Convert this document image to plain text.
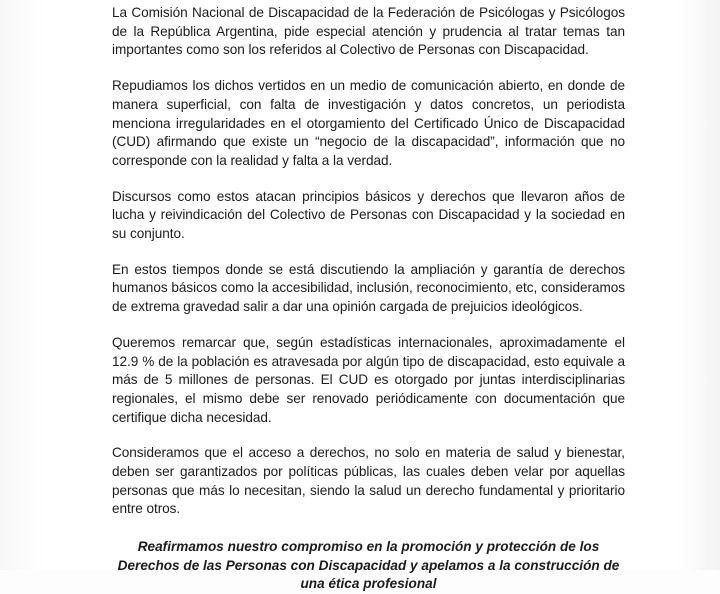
La Comisión Nacional de Discapacidad de la Federación de Psicólogas y Psicólogos de la República Argentina, pide especial atención y prudencia al tratar temas tan importantes como son los referidos al Colectivo de Personas con Discapacidad.

Repudiamos los dichos vertidos en un medio de comunicación abierto, en donde de manera superficial, con falta de investigación y datos concretos, un periodista menciona irregularidades en el otorgamiento del Certificado Único de Discapacidad (CUD) afirmando que existe un “negocio de la discapacidad”, información que no corresponde con la realidad y falta a la verdad.

Discursos como estos atacan principios básicos y derechos que llevaron años de lucha y reivindicación del Colectivo de Personas con Discapacidad y la sociedad en su conjunto.

En estos tiempos donde se está discutiendo la ampliación y garantía de derechos humanos básicos como la accesibilidad, inclusión, reconocimiento, etc, consideramos de extrema gravedad salir a dar una opinión cargada de prejuicios ideológicos.

Queremos remarcar que, según estadísticas internacionales, aproximadamente el 12.9 % de la población es atravesada por algún tipo de discapacidad, esto equivale a más de 5 millones de personas. El CUD es otorgado por juntas interdisciplinarias regionales, el mismo debe ser renovado periódicamente con documentación que certifique dicha necesidad.

Consideramos que el acceso a derechos, no solo en materia de salud y bienestar, deben ser garantizados por políticas públicas, las cuales deben velar por aquellas personas que más lo necesitan, siendo la salud un derecho fundamental y prioritario entre otros.

Reafirmamos nuestro compromiso en la promoción y protección de los Derechos de las Personas con Discapacidad y apelamos a la construcción de una ética profesional
